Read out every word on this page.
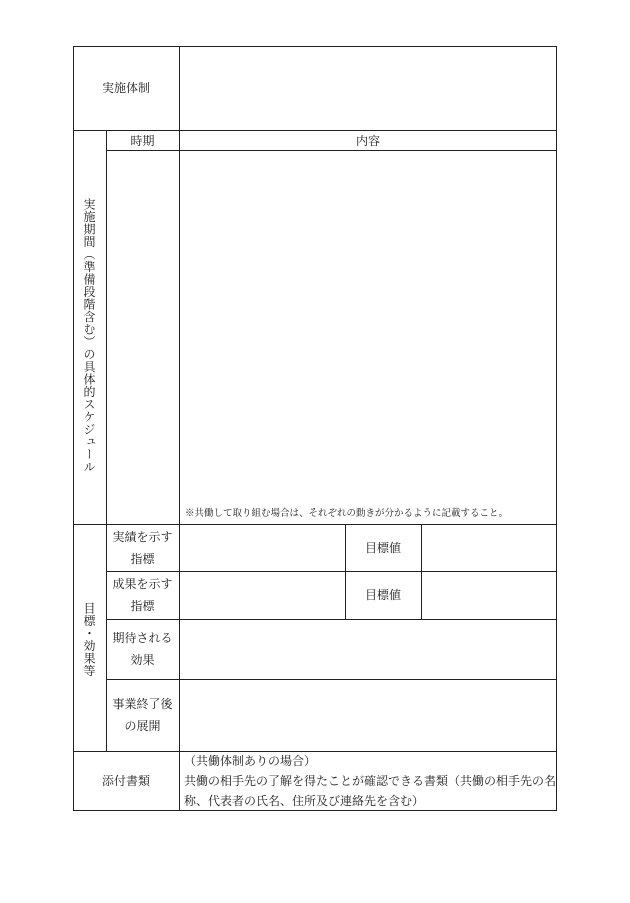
実施体制
実施期間（準備段階含む）の具体的スケジュール
時期	内容
※共働して取り組む場合は、それぞれの動きが分かるように記載すること。
目標・効果等
実績を示す
指標
目標値
成果を示す
指標
目標値
期待される
効果
事業終了後
の展開
添付書類
（共働体制ありの場合）
共働の相手先の了解を得たことが確認できる書類（共働の相手先の名
称、代表者の氏名、住所及び連絡先を含む）
